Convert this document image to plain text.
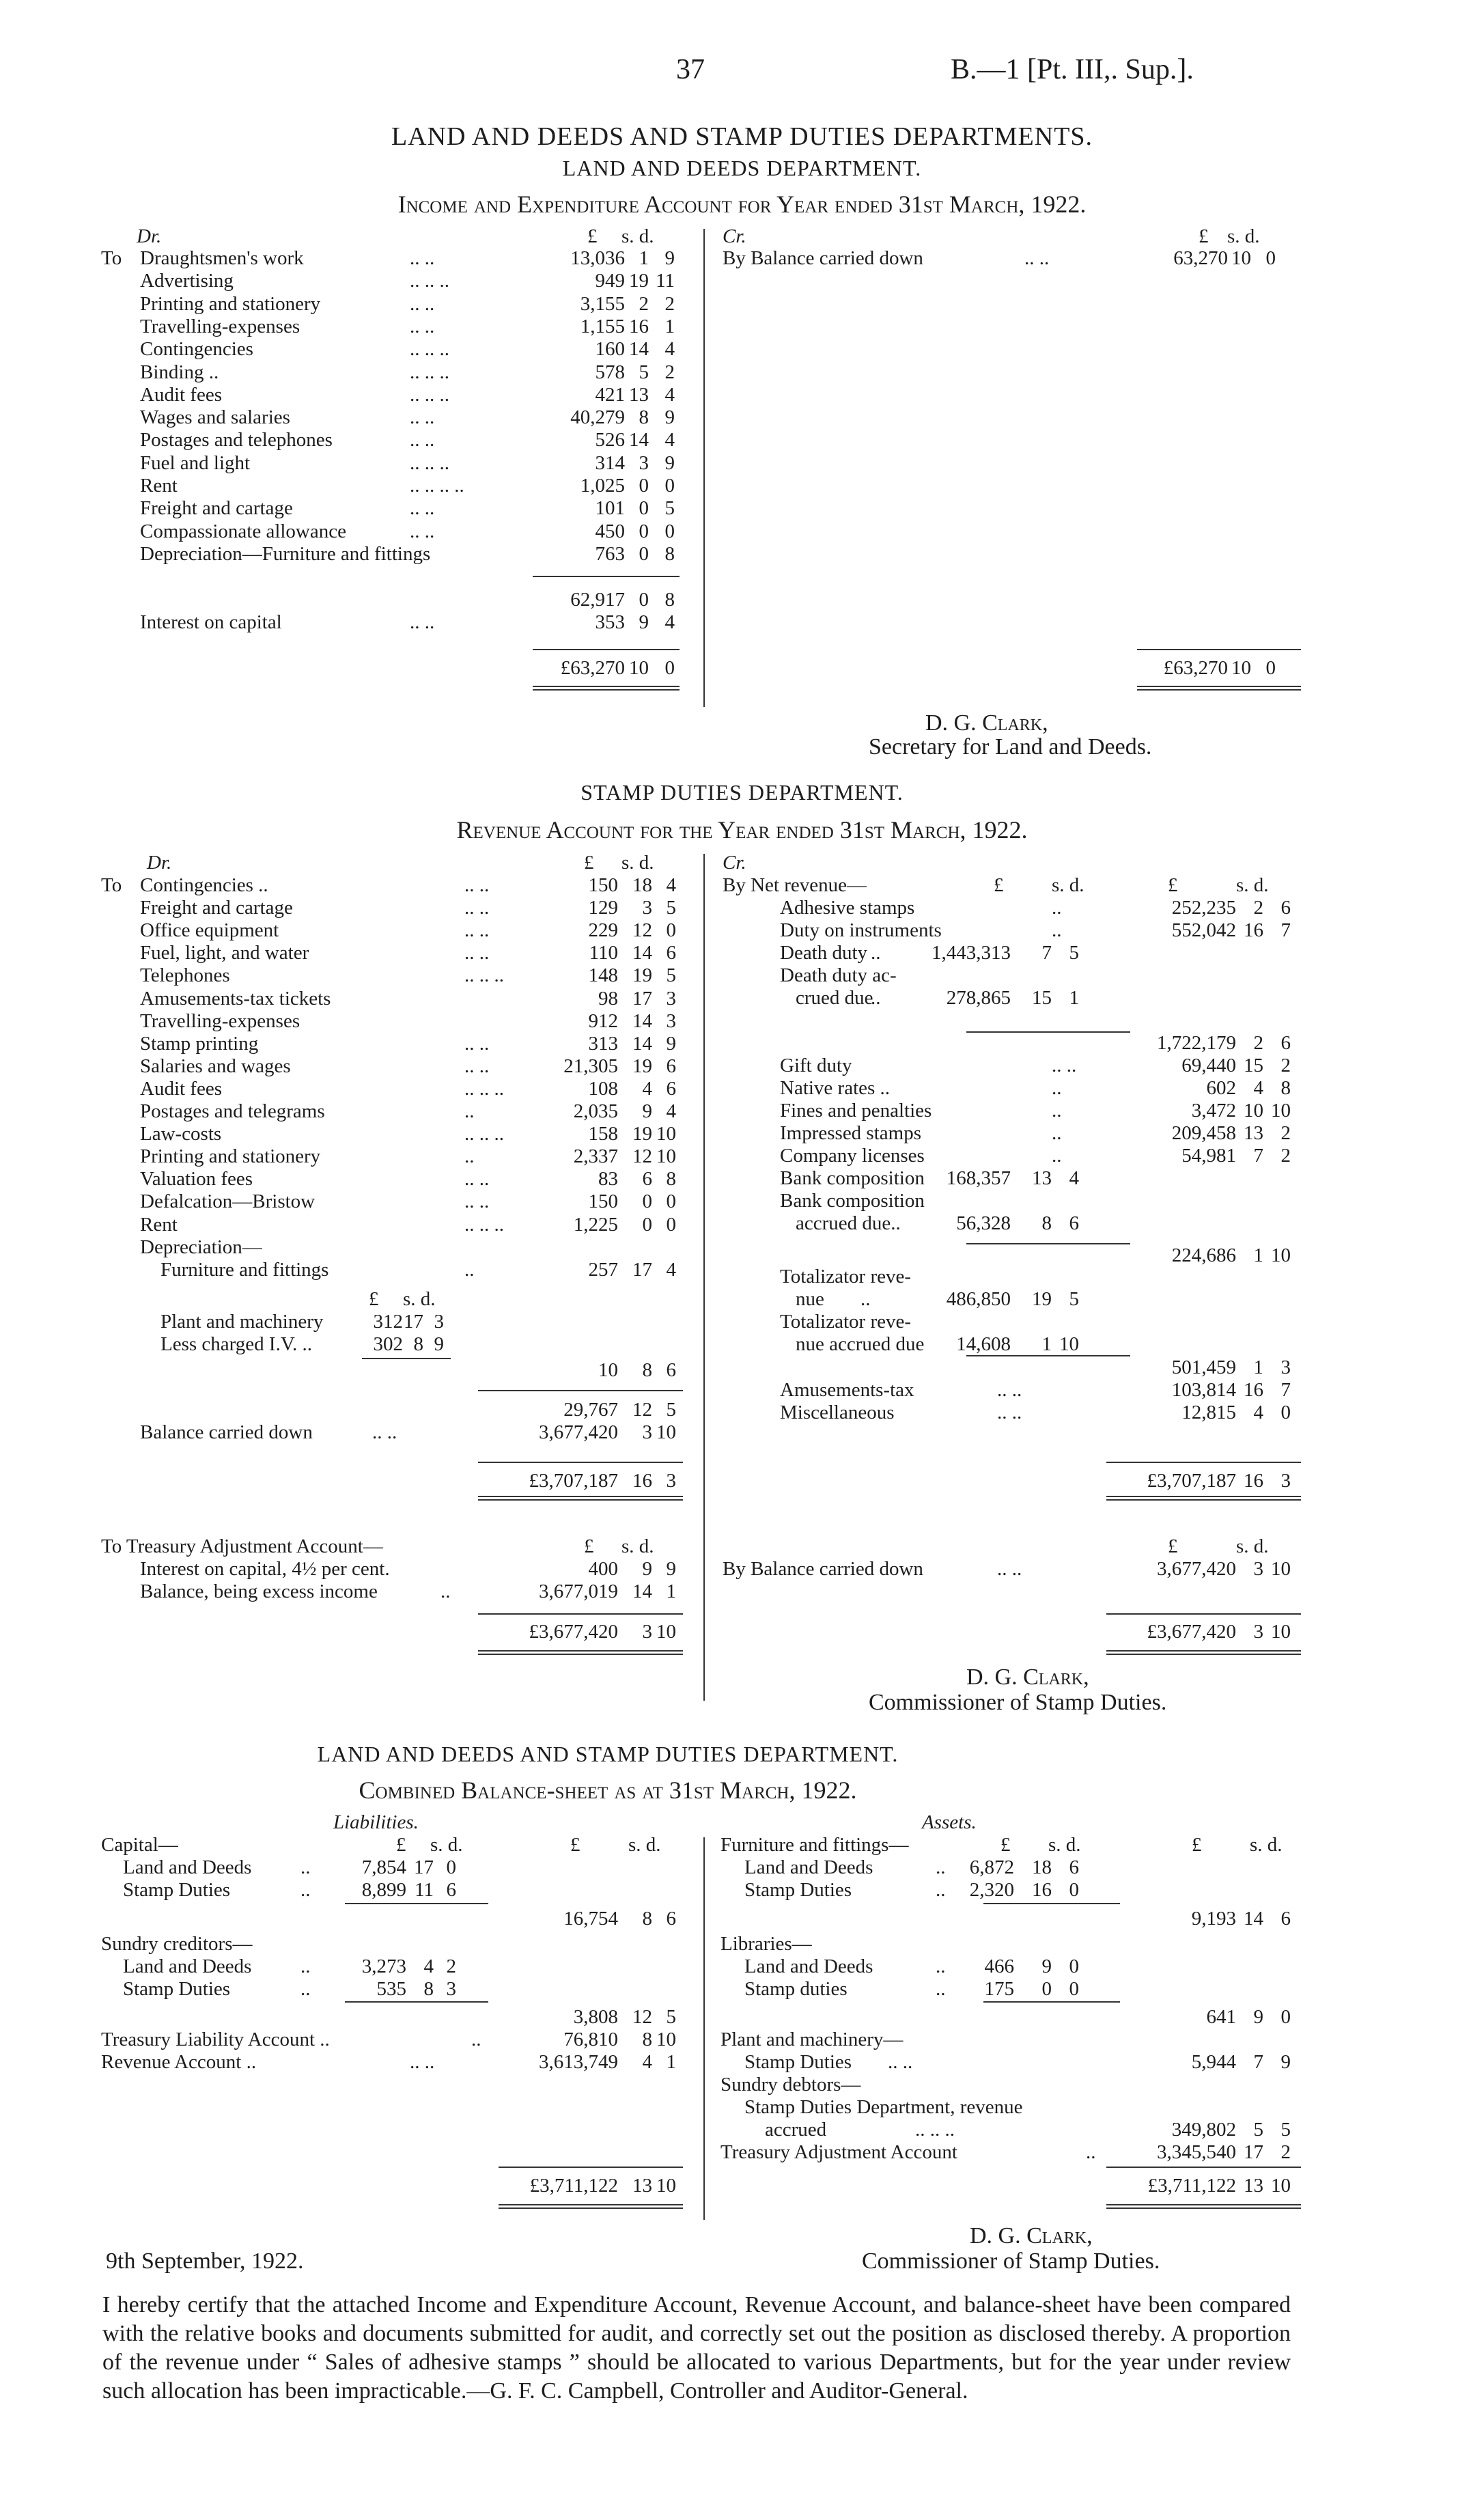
37	B.—1 [Pt. III,. Sup.].
LAND AND DEEDS AND STAMP DUTIES DEPARTMENTS.
LAND AND DEEDS DEPARTMENT.
Income and Expenditure Account for Year ended 31st March, 1922.
Dr.	£ s. d.	Cr.	£ s. d.
To Draughtsmen's work	.. ..	13,036 1 9
Advertising	.. .. ..	949 19 11
Printing and stationery	.. ..	3,155 2 2
Travelling-expenses	.. ..	1,155 16 1
Contingencies	.. .. ..	160 14 4
Binding ..	.. .. ..	578 5 2
Audit fees	.. .. ..	421 13 4
Wages and salaries	.. ..	40,279 8 9
Postages and telephones	.. ..	526 14 4
Fuel and light	.. .. ..	314 3 9
Rent	.. .. .. ..	1,025 0 0
Freight and cartage	.. ..	101 0 5
Compassionate allowance	.. ..	450 0 0
Depreciation—Furniture and fittings	763 0 8
62,917 0 8
Interest on capital	.. ..	353 9 4
£63,270 10 0
By Balance carried down	.. ..	63,270 10 0
£63,270 10 0
D. G. Clark,
Secretary for Land and Deeds.
STAMP DUTIES DEPARTMENT.
Revenue Account for the Year ended 31st March, 1922.
Dr.	£ s. d.	Cr.
To Contingencies ..	.. ..	150 18 4
Freight and cartage	.. ..	129	3 5
Office equipment	.. ..	229 12 0
Fuel, light, and water	.. ..	110 14 6
Telephones	.. .. ..	148 19 5
Amusements-tax tickets	98 17 3
Travelling-expenses	912 14 3
Stamp printing	.. ..	313 14 9
Salaries and wages	.. ..	21,305 19 6
Audit fees	.. .. ..	108	4 6
Postages and telegrams	..	2,035	9 4
Law-costs	.. .. ..	158 19 10
Printing and stationery	..	2,337 12 10
Valuation fees	.. ..	83	6 8
Defalcation—Bristow	.. ..	150	0 0
Rent	.. .. ..	1,225	0 0
Depreciation—
Furniture and fittings	..	257 17 4
£ s. d.
Plant and machinery	312 17 3
Less charged I.V. ..	302 8 9
10	8 6
29,767 12 5
Balance carried down	.. ..	3,677,420	3 10
£3,707,187 16 3
By Net revenue—	£ s. d.	£	s. d.
Adhesive stamps	..	252,235 2 6
Duty on instruments	..	552,042 16 7
Death duty ..	1,443,313	7 5
Death duty ac-
crued due
..	278,865	15 1
1,722,179 2 6
Gift duty	.. ..	69,440 15 2
Native rates ..	..	602 4 8
Fines and penalties	..	3,472 10 10
Impressed stamps	..	209,458 13 2
Company licenses	..	54,981 7 2
Bank composition	168,357	13 4
Bank composition
accrued due..	56,328	8 6
224,686 1 10
Totalizator reve-
nue ..	486,850	19 5
Totalizator reve-
nue accrued due	14,608	1 10
501,459 1 3
Amusements-tax	.. ..	103,814 16 7
Miscellaneous	.. ..	12,815 4 0
£3,707,187 16 3
To Treasury Adjustment Account—	£ s. d.
Interest on capital, 4½ per cent.	400	9 9
Balance, being excess income	..	3,677,019 14 1
£3,677,420	3 10
£	s. d.
By Balance carried down	.. ..	3,677,420 3 10
£3,677,420 3 10
D. G. Clark,
Commissioner of Stamp Duties.
LAND AND DEEDS AND STAMP DUTIES DEPARTMENT.
Combined Balance-sheet as at 31st March, 1922.
Liabilities.	Assets.
£ s. d.	£ s. d.	£ s. d.	£ s. d.
Capital—
Land and Deeds ..	7,854 17 0
Stamp Duties	..	8,899 11 6
16,754	8 6
Sundry creditors—
Land and Deeds ..	3,273 4 2
Stamp Duties	..	535 8 3
3,808 12 5
Treasury Liability Account ..	..	76,810	8 10
Revenue Account ..	.. ..	3,613,749	4 1
£3,711,122 13 10
Furniture and fittings—
Land and Deeds	..	6,872 18 6
Stamp Duties	..	2,320 16 0
9,193 14 6
Libraries—
Land and Deeds	..	466	9 0
Stamp duties	..	175	0 0
641 9 0
Plant and machinery—
Stamp Duties .. ..	5,944 7 9
Sundry debtors—
Stamp Duties Department, revenue
accrued	.. .. ..	349,802 5 5
Treasury Adjustment Account	..	3,345,540 17 2
£3,711,122 13 10
D. G. Clark,
9th September, 1922.	Commissioner of Stamp Duties.
I hereby certify that the attached Income and Expenditure Account, Revenue Account, and balance-sheet have been compared with the relative books and documents submitted for audit, and correctly set out the position as disclosed thereby. A proportion of the revenue under “ Sales of adhesive stamps ” should be allocated to various Departments, but for the year under review such allocation has been impracticable.—G. F. C. Campbell, Controller and Auditor-General.
